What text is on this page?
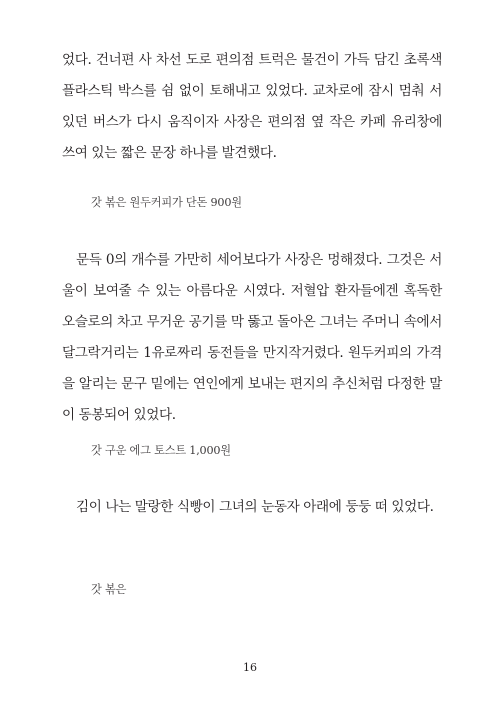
었다. 건너편 사 차선 도로 편의점 트럭은 물건이 가득 담긴 초록색 플라스틱 박스를 쉼 없이 토해내고 있었다. 교차로에 잠시 멈춰 서 있던 버스가 다시 움직이자 사장은 편의점 옆 작은 카페 유리창에 쓰여 있는 짧은 문장 하나를 발견했다.

갓 볶은 원두커피가 단돈 900원

문득 0의 개수를 가만히 세어보다가 사장은 멍해졌다. 그것은 서울이 보여줄 수 있는 아름다운 시였다. 저혈압 환자들에겐 혹독한 오슬로의 차고 무거운 공기를 막 뚫고 돌아온 그녀는 주머니 속에서 달그락거리는 1유로짜리 동전들을 만지작거렸다. 원두커피의 가격을 알리는 문구 밑에는 연인에게 보내는 편지의 추신처럼 다정한 말이 동봉되어 있었다.

갓 구운 에그 토스트 1,000원

김이 나는 말랑한 식빵이 그녀의 눈동자 아래에 둥둥 떠 있었다.

갓 볶은

16
